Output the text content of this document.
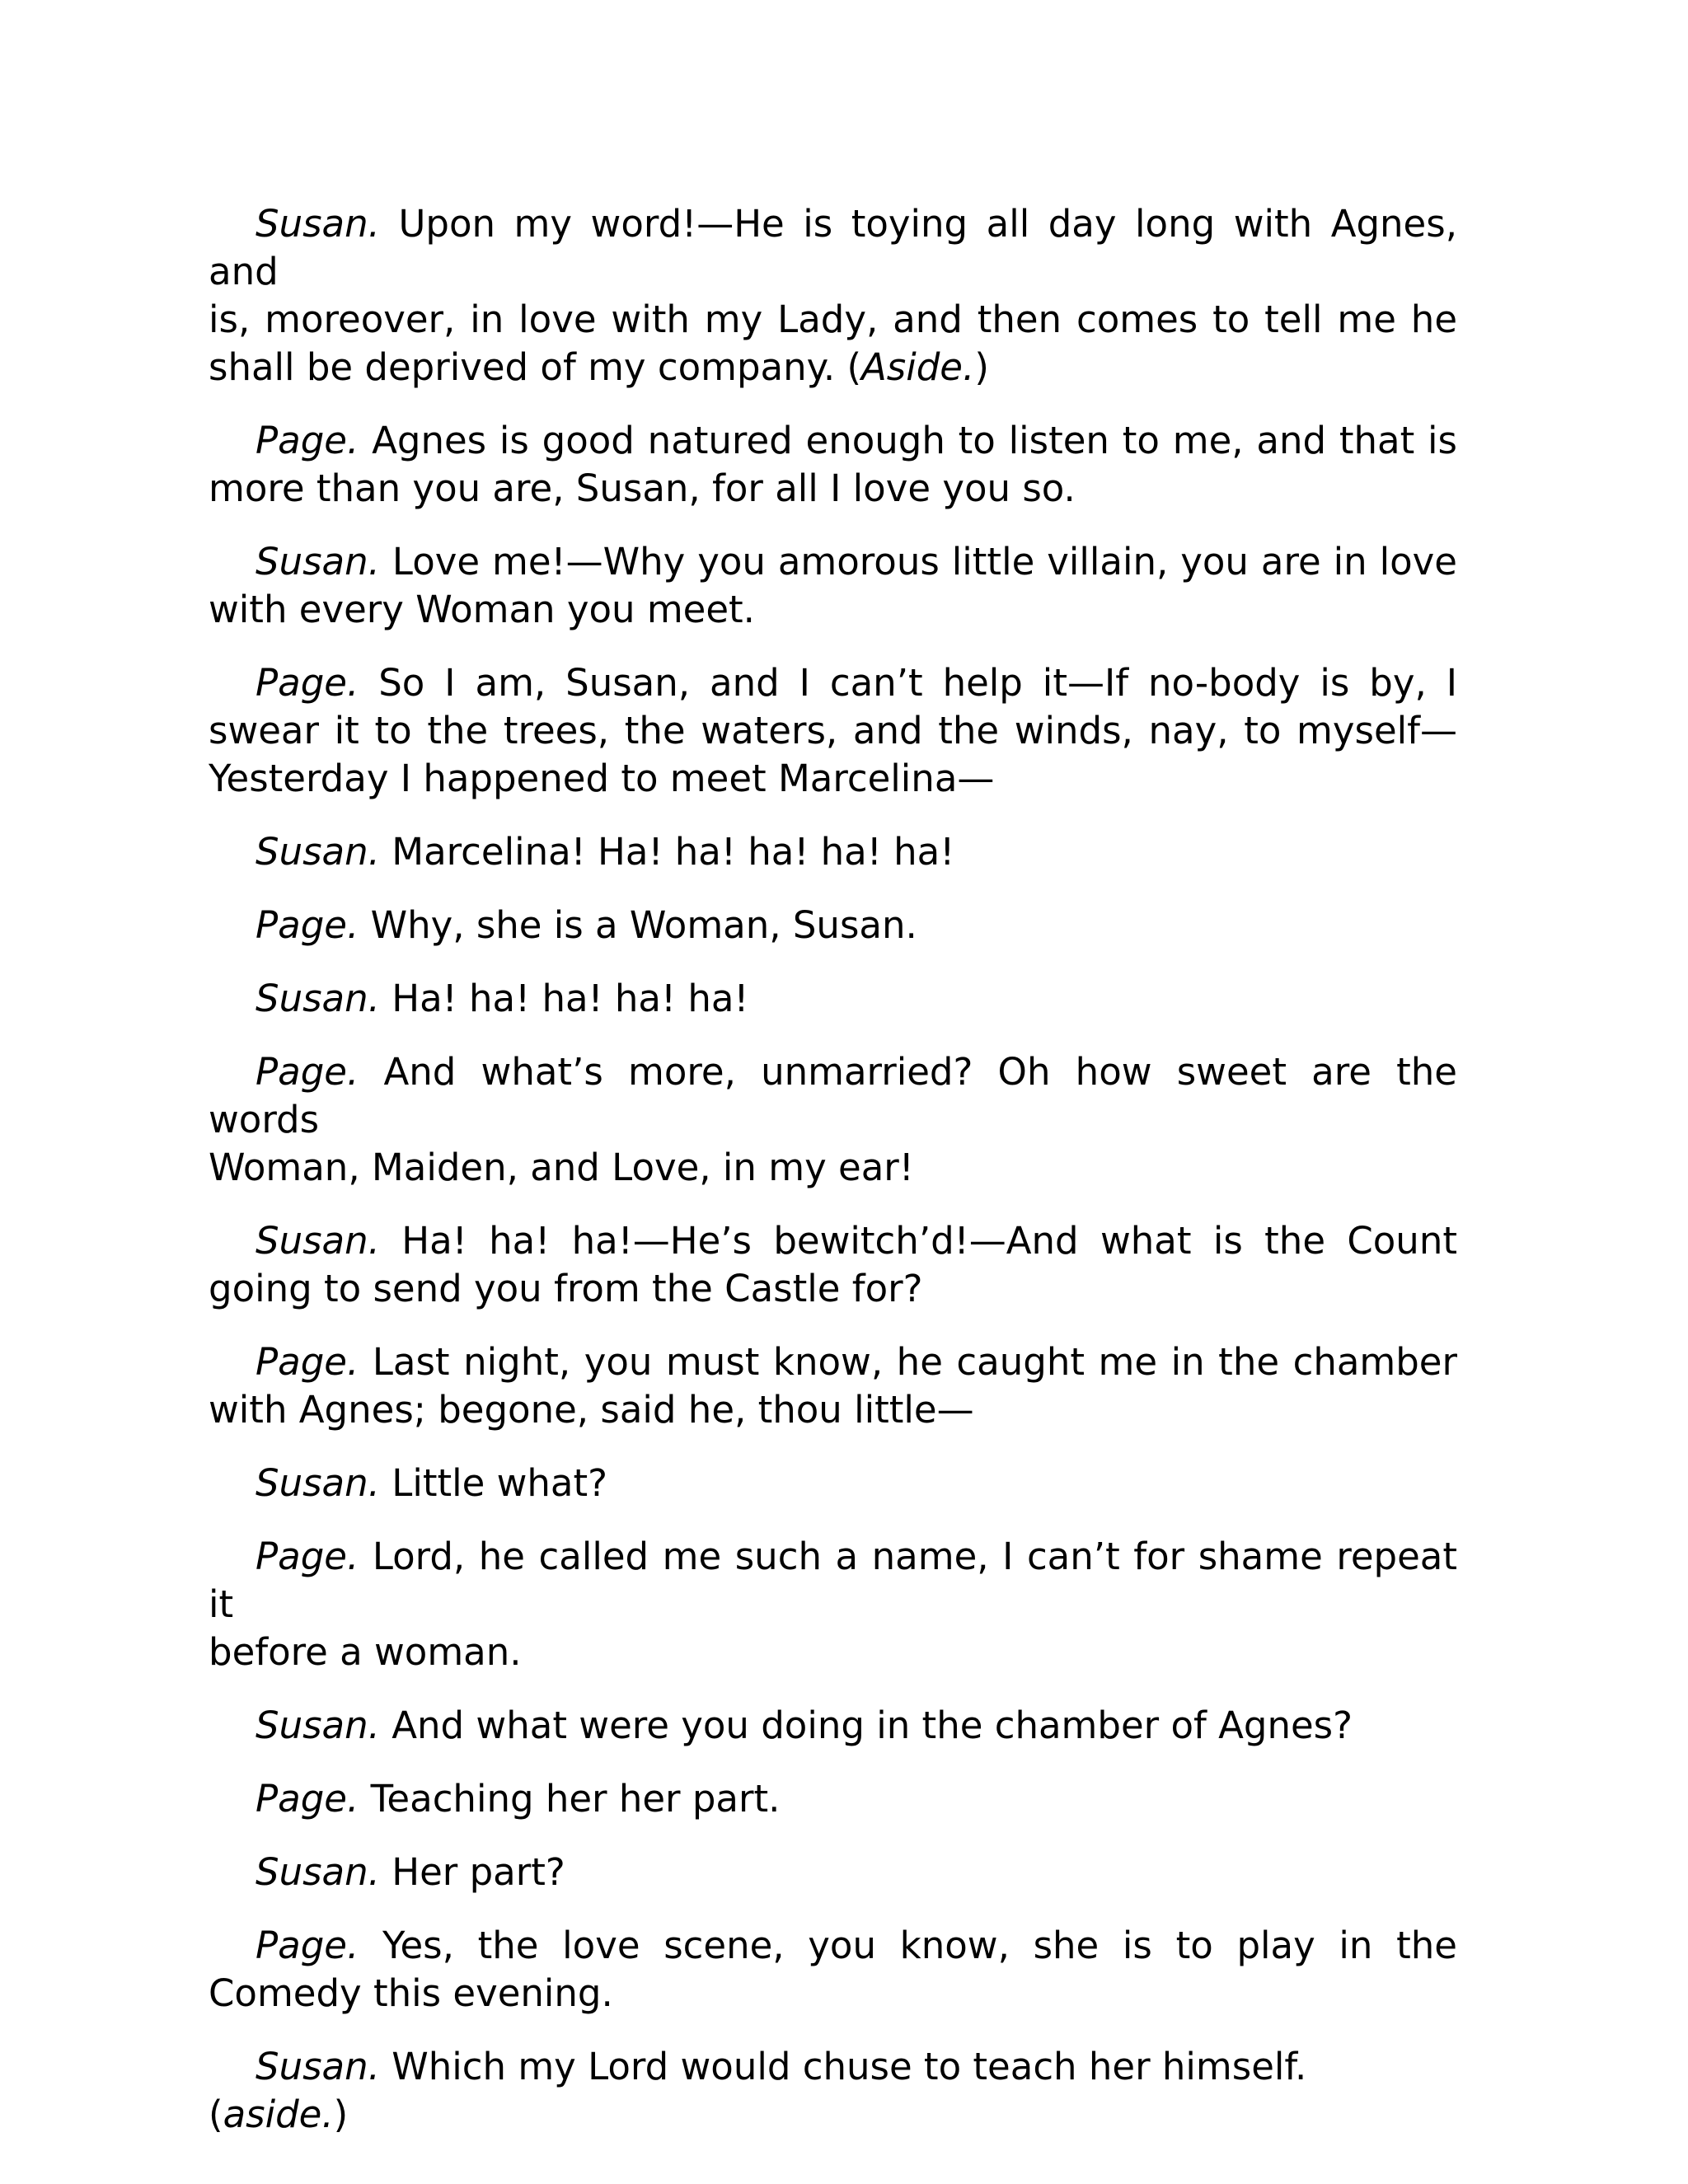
Susan. Upon my word!—He is toying all day long with Agnes, and
is, moreover, in love with my Lady, and then comes to tell me he
shall be deprived of my company. (Aside.)

Page. Agnes is good natured enough to listen to me, and that is
more than you are, Susan, for all I love you so.

Susan. Love me!—Why you amorous little villain, you are in love
with every Woman you meet.

Page. So I am, Susan, and I can’t help it—If no-body is by, I
swear it to the trees, the waters, and the winds, nay, to myself—
Yesterday I happened to meet Marcelina—

Susan. Marcelina! Ha! ha! ha! ha! ha!

Page. Why, she is a Woman, Susan.

Susan. Ha! ha! ha! ha! ha!

Page. And what’s more, unmarried? Oh how sweet are the words
Woman, Maiden, and Love, in my ear!

Susan. Ha! ha! ha!—He’s bewitch’d!—And what is the Count
going to send you from the Castle for?

Page. Last night, you must know, he caught me in the chamber
with Agnes; begone, said he, thou little—

Susan. Little what?

Page. Lord, he called me such a name, I can’t for shame repeat it
before a woman.

Susan. And what were you doing in the chamber of Agnes?

Page. Teaching her her part.

Susan. Her part?

Page. Yes, the love scene, you know, she is to play in the
Comedy this evening.

Susan. Which my Lord would chuse to teach her himself. (aside.)
